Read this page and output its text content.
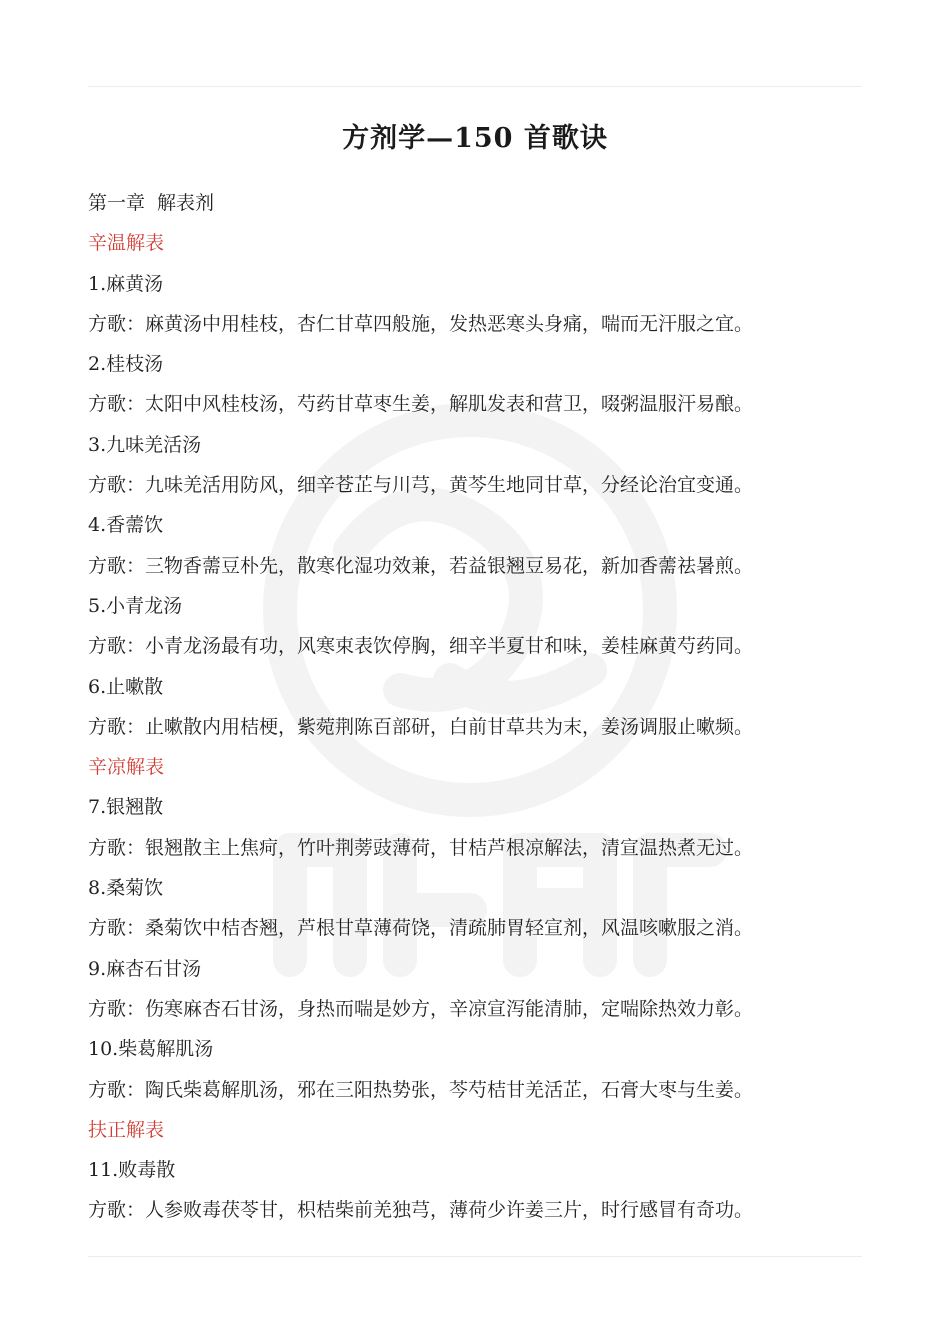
方剂学—150 首歌诀
第一章 解表剂
辛温解表
1.麻黄汤
方歌：麻黄汤中用桂枝，杏仁甘草四般施，发热恶寒头身痛，喘而无汗服之宜。
2.桂枝汤
方歌：太阳中风桂枝汤，芍药甘草枣生姜，解肌发表和营卫，啜粥温服汗易酿。
3.九味羌活汤
方歌：九味羌活用防风，细辛苍芷与川芎，黄芩生地同甘草，分经论治宜变通。
4.香薷饮
方歌：三物香薷豆朴先，散寒化湿功效兼，若益银翘豆易花，新加香薷祛暑煎。
5.小青龙汤
方歌：小青龙汤最有功，风寒束表饮停胸，细辛半夏甘和味，姜桂麻黄芍药同。
6.止嗽散
方歌：止嗽散内用桔梗，紫菀荆陈百部研，白前甘草共为末，姜汤调服止嗽频。
辛凉解表
7.银翘散
方歌：银翘散主上焦疴，竹叶荆蒡豉薄荷，甘桔芦根凉解法，清宣温热煮无过。
8.桑菊饮
方歌：桑菊饮中桔杏翘，芦根甘草薄荷饶，清疏肺胃轻宣剂，风温咳嗽服之消。
9.麻杏石甘汤
方歌：伤寒麻杏石甘汤，身热而喘是妙方，辛凉宣泻能清肺，定喘除热效力彰。
10.柴葛解肌汤
方歌：陶氏柴葛解肌汤，邪在三阳热势张，芩芍桔甘羌活芷，石膏大枣与生姜。
扶正解表
11.败毒散
方歌：人参败毒茯苓甘，枳桔柴前羌独芎，薄荷少许姜三片，时行感冒有奇功。
